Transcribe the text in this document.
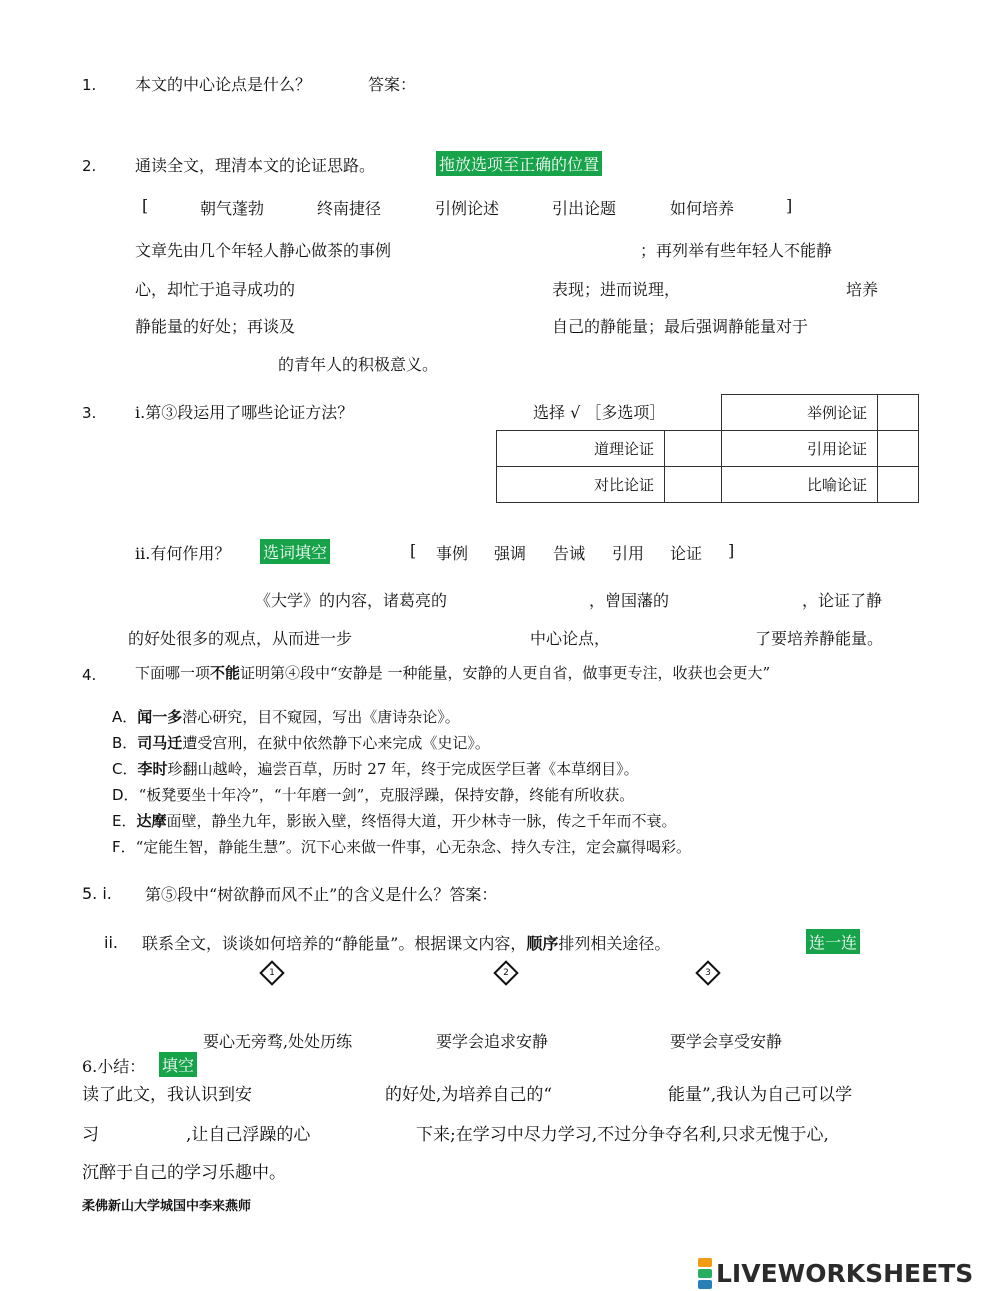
1. 本文的中心论点是什么？	答案：
2. 通读全文，理清本文的论证思路。	拖放选项至正确的位置
[	朝气蓬勃	终南捷径	引例论述	引出论题	如何培养	]
文章先由几个年轻人静心做茶的事例	；再列举有些年轻人不能静
心，却忙于追寻成功的	表现；进而说理，	培养
静能量的好处；再谈及	自己的静能量；最后强调静能量对于
的青年人的积极意义。
3. i.第③段运用了哪些论证方法？	选择 √ ［多选项］
			举例论证	
道理论证		引用论证	
对比论证		比喻论证	
ii.有何作用？ 选词填空	[ 事例 强调 告诫 引用 论证 ]
《大学》的内容，诸葛亮的	，曾国藩的	，论证了静
的好处很多的观点，从而进一步	中心论点，	了要培养静能量。
4.	下面哪一项不能证明第④段中“安静是 一种能量，安静的人更自省，做事更专注，收获也会更大”
A．闻一多潜心研究，目不窥园，写出《唐诗杂论》。
B．司马迁遭受宫刑，在狱中依然静下心来完成《史记》。
C．李时珍翻山越岭，遍尝百草，历时 27 年，终于完成医学巨著《本草纲目》。
D．“板凳要坐十年冷”，“十年磨一剑”，克服浮躁，保持安静，终能有所收获。
E．达摩面壁，静坐九年，影嵌入壁，终悟得大道，开少林寺一脉，传之千年而不衰。
F．“定能生智，静能生慧”。沉下心来做一件事，心无杂念、持久专注，定会赢得喝彩。
5. i. 第⑤段中“树欲静而风不止”的含义是什么？答案：
ii. 联系全文，谈谈如何培养的“静能量”。根据课文内容，顺序排列相关途径。	连一连
1	2	3
要心无旁骛,处处历练	要学会追求安静	要学会享受安静
6.小结： 填空
读了此文，我认识到安	的好处,为培养自己的“	能量”,我认为自己可以学
习	,让自己浮躁的心	下来;在学习中尽力学习,不过分争夺名利,只求无愧于心,
沉醉于自己的学习乐趣中。
柔佛新山大学城国中李来燕师
LIVEWORKSHEETS
